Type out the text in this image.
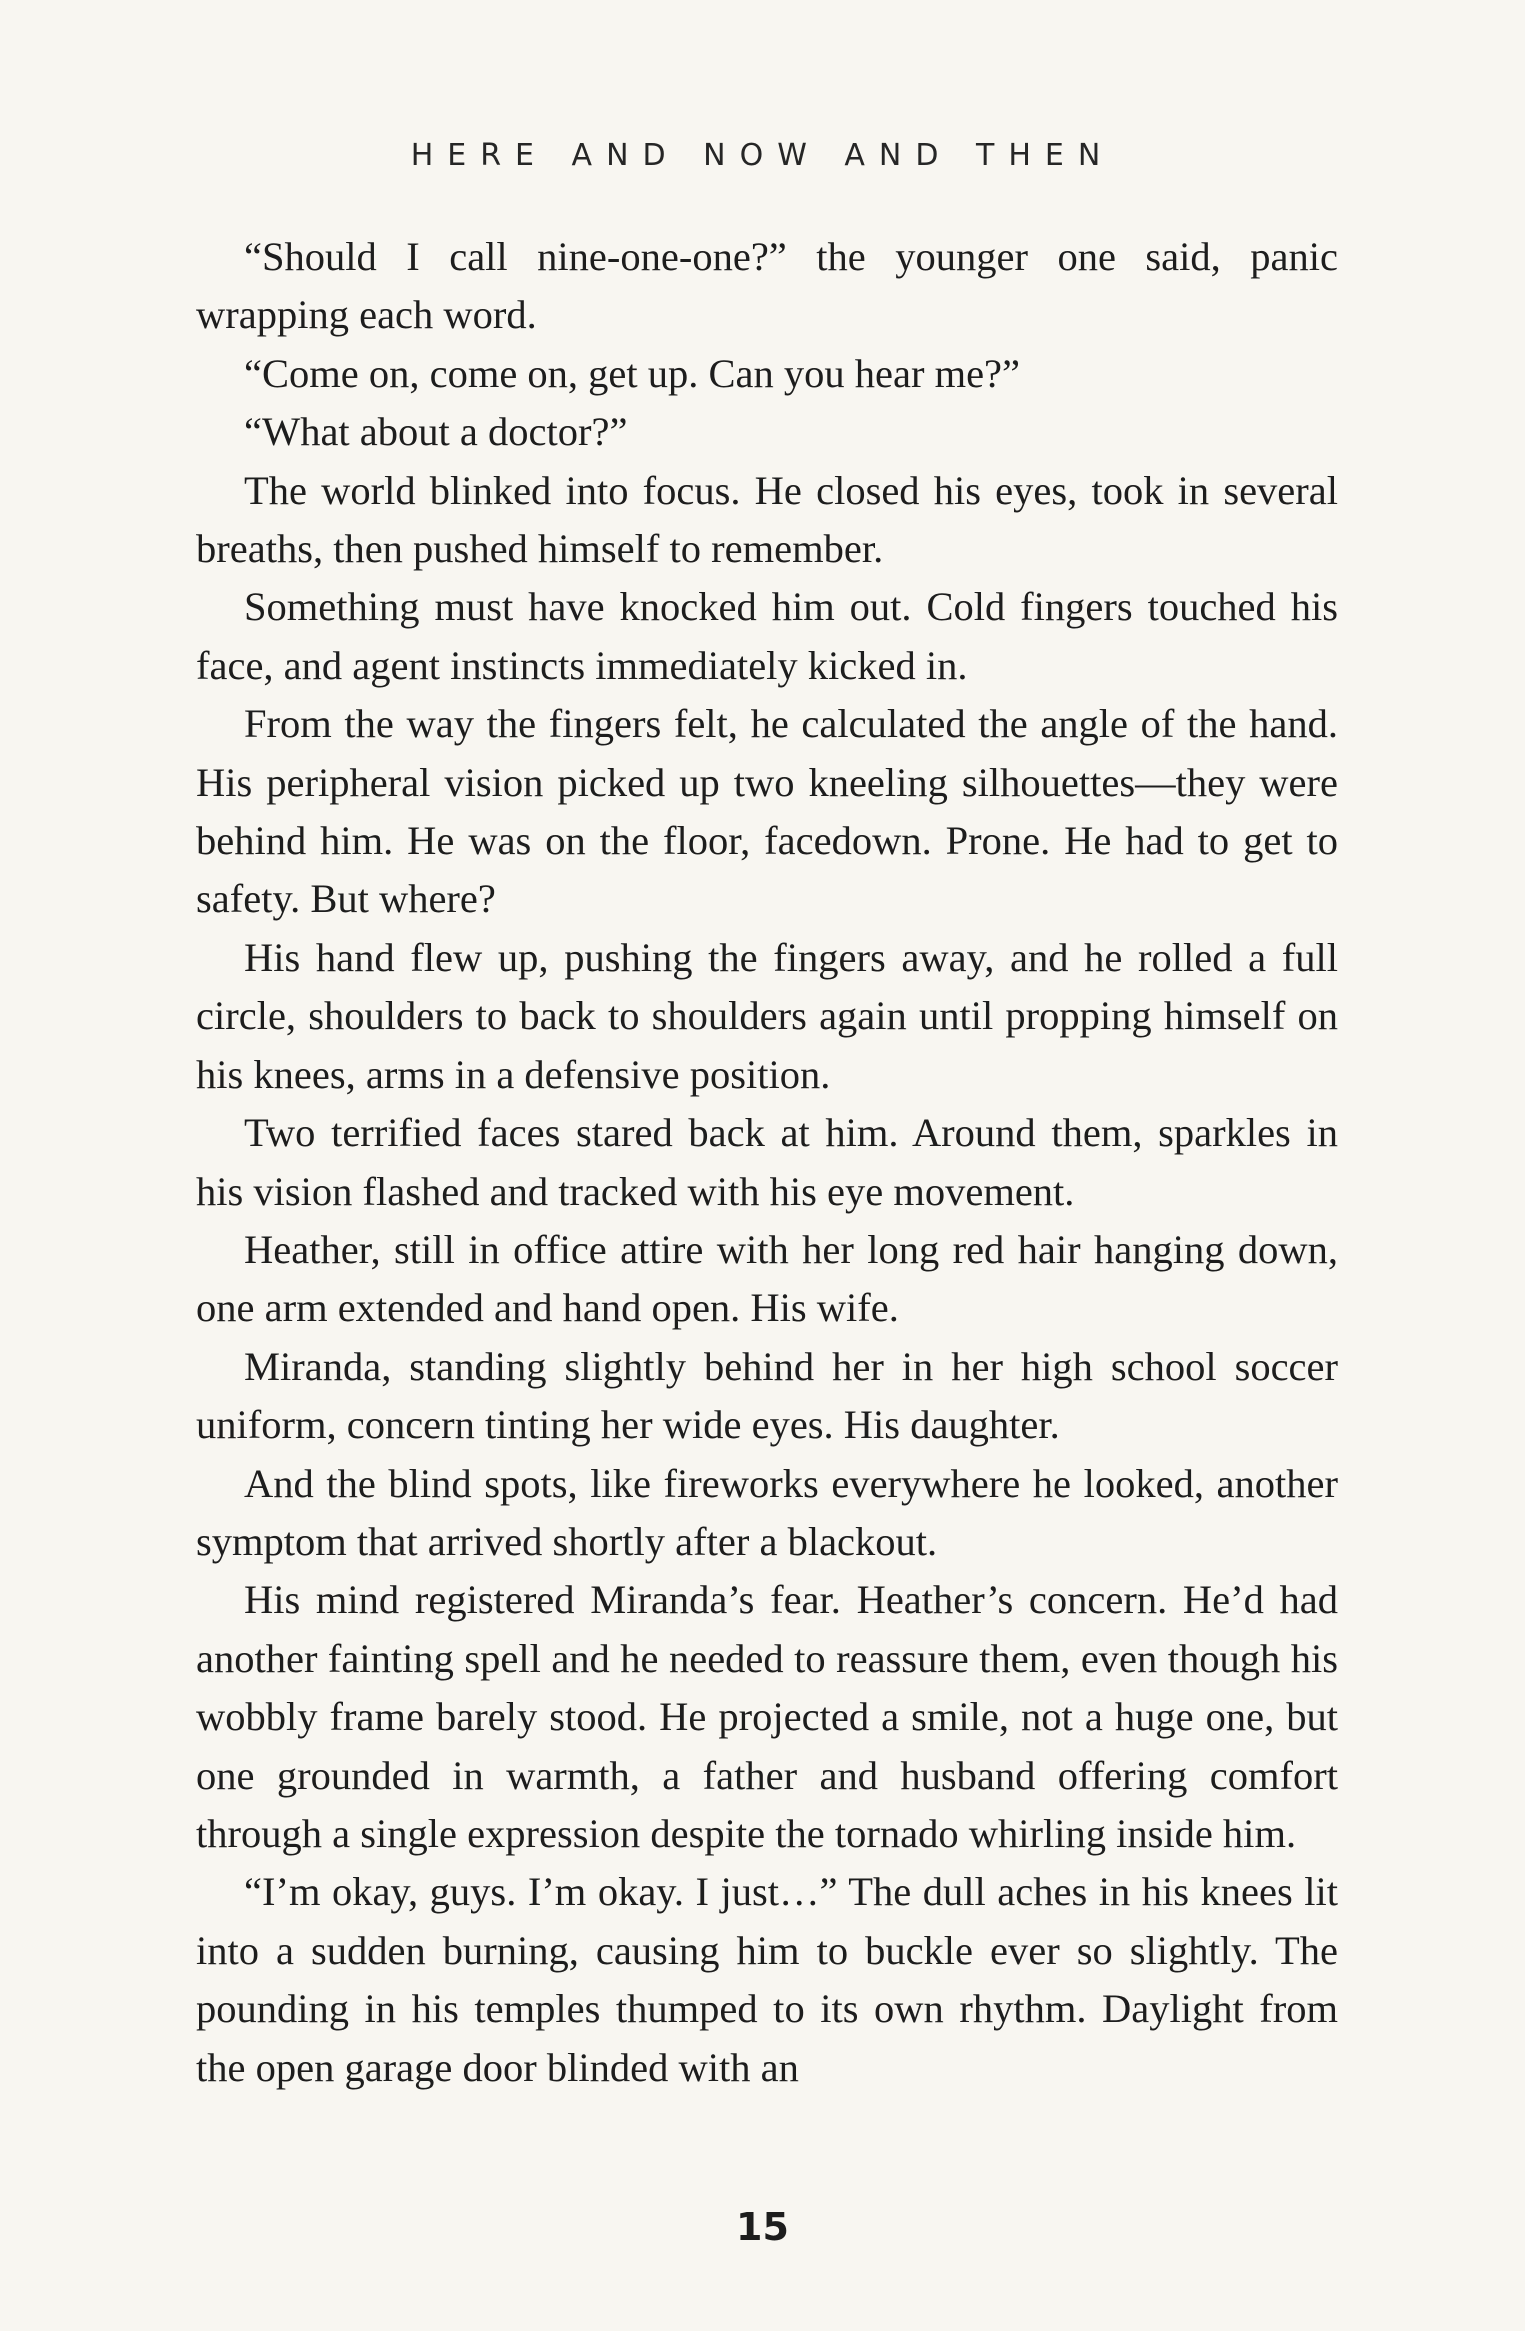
HERE AND NOW AND THEN

“Should I call nine-one-one?” the younger one said, panic wrapping each word.

“Come on, come on, get up. Can you hear me?”

“What about a doctor?”

The world blinked into focus. He closed his eyes, took in several breaths, then pushed himself to remember.

Something must have knocked him out. Cold fingers touched his face, and agent instincts immediately kicked in.

From the way the fingers felt, he calculated the angle of the hand. His peripheral vision picked up two kneeling silhouettes—they were behind him. He was on the floor, facedown. Prone. He had to get to safety. But where?

His hand flew up, pushing the fingers away, and he rolled a full circle, shoulders to back to shoulders again until propping himself on his knees, arms in a defensive position.

Two terrified faces stared back at him. Around them, sparkles in his vision flashed and tracked with his eye movement.

Heather, still in office attire with her long red hair hanging down, one arm extended and hand open. His wife.

Miranda, standing slightly behind her in her high school soccer uniform, concern tinting her wide eyes. His daughter.

And the blind spots, like fireworks everywhere he looked, another symptom that arrived shortly after a blackout.

His mind registered Miranda’s fear. Heather’s concern. He’d had another fainting spell and he needed to reassure them, even though his wobbly frame barely stood. He projected a smile, not a huge one, but one grounded in warmth, a father and husband offering comfort through a single expression despite the tornado whirling inside him.

“I’m okay, guys. I’m okay. I just…” The dull aches in his knees lit into a sudden burning, causing him to buckle ever so slightly. The pounding in his temples thumped to its own rhythm. Daylight from the open garage door blinded with an

15
